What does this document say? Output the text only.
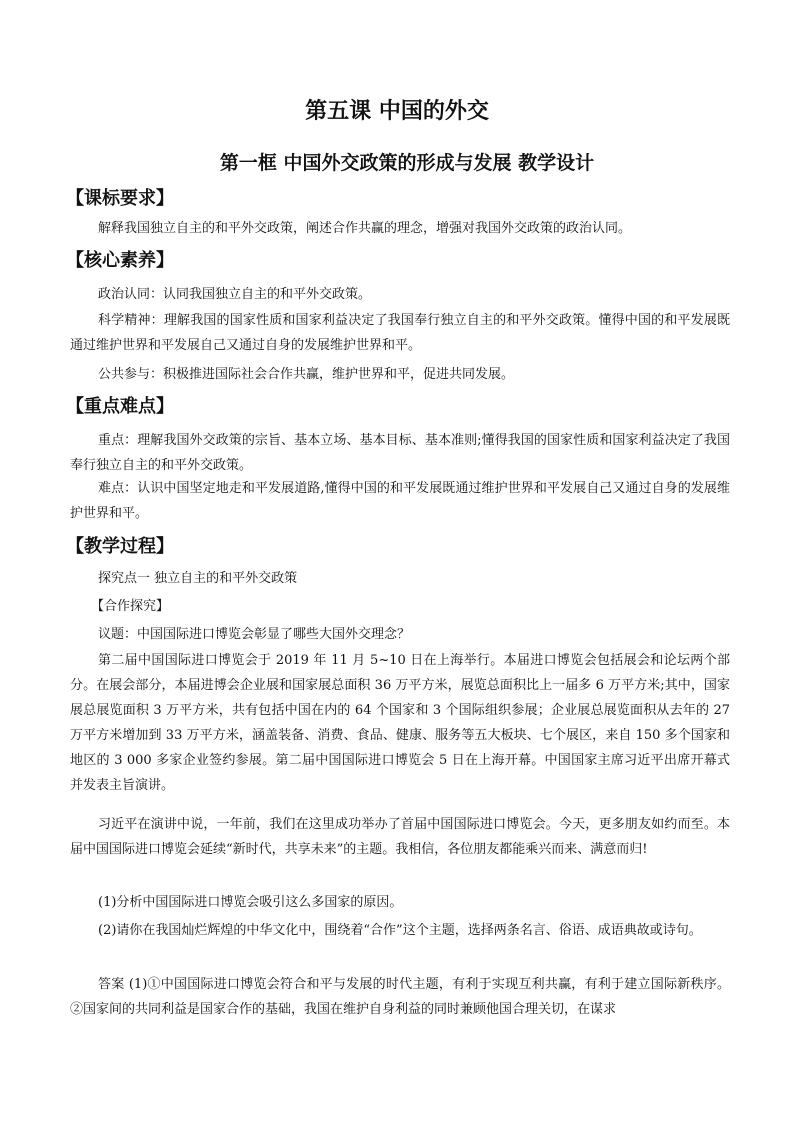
第五课 中国的外交
第一框 中国外交政策的形成与发展 教学设计
【课标要求】
解释我国独立自主的和平外交政策，阐述合作共赢的理念，增强对我国外交政策的政治认同。
【核心素养】
政治认同：认同我国独立自主的和平外交政策。
科学精神：理解我国的国家性质和国家利益决定了我国奉行独立自主的和平外交政策。懂得中国的和平发展既通过维护世界和平发展自己又通过自身的发展维护世界和平。
公共参与：积极推进国际社会合作共赢，维护世界和平，促进共同发展。
【重点难点】
重点：理解我国外交政策的宗旨、基本立场、基本目标、基本准则;懂得我国的国家性质和国家利益决定了我国奉行独立自主的和平外交政策。
难点：认识中国坚定地走和平发展道路,懂得中国的和平发展既通过维护世界和平发展自己又通过自身的发展维护世界和平。
【教学过程】
探究点一 独立自主的和平外交政策
【合作探究】
议题：中国国际进口博览会彰显了哪些大国外交理念？
第二届中国国际进口博览会于 2019 年 11 月 5~10 日在上海举行。本届进口博览会包括展会和论坛两个部分。在展会部分，本届进博会企业展和国家展总面积 36 万平方米，展览总面积比上一届多 6 万平方米;其中，国家展总展览面积 3 万平方米，共有包括中国在内的 64 个国家和 3 个国际组织参展；企业展总展览面积从去年的 27 万平方米增加到 33 万平方米，涵盖装备、消费、食品、健康、服务等五大板块、七个展区，来自 150 多个国家和地区的 3 000 多家企业签约参展。第二届中国国际进口博览会 5 日在上海开幕。中国国家主席习近平出席开幕式并发表主旨演讲。
习近平在演讲中说，一年前，我们在这里成功举办了首届中国国际进口博览会。今天，更多朋友如约而至。本届中国国际进口博览会延续“新时代，共享未来”的主题。我相信，各位朋友都能乘兴而来、满意而归!
(1)分析中国国际进口博览会吸引这么多国家的原因。
(2)请你在我国灿烂辉煌的中华文化中，围绕着“合作”这个主题，选择两条名言、俗语、成语典故或诗句。
答案 (1)①中国国际进口博览会符合和平与发展的时代主题，有利于实现互利共赢，有利于建立国际新秩序。②国家间的共同利益是国家合作的基础，我国在维护自身利益的同时兼顾他国合理关切，在谋求
